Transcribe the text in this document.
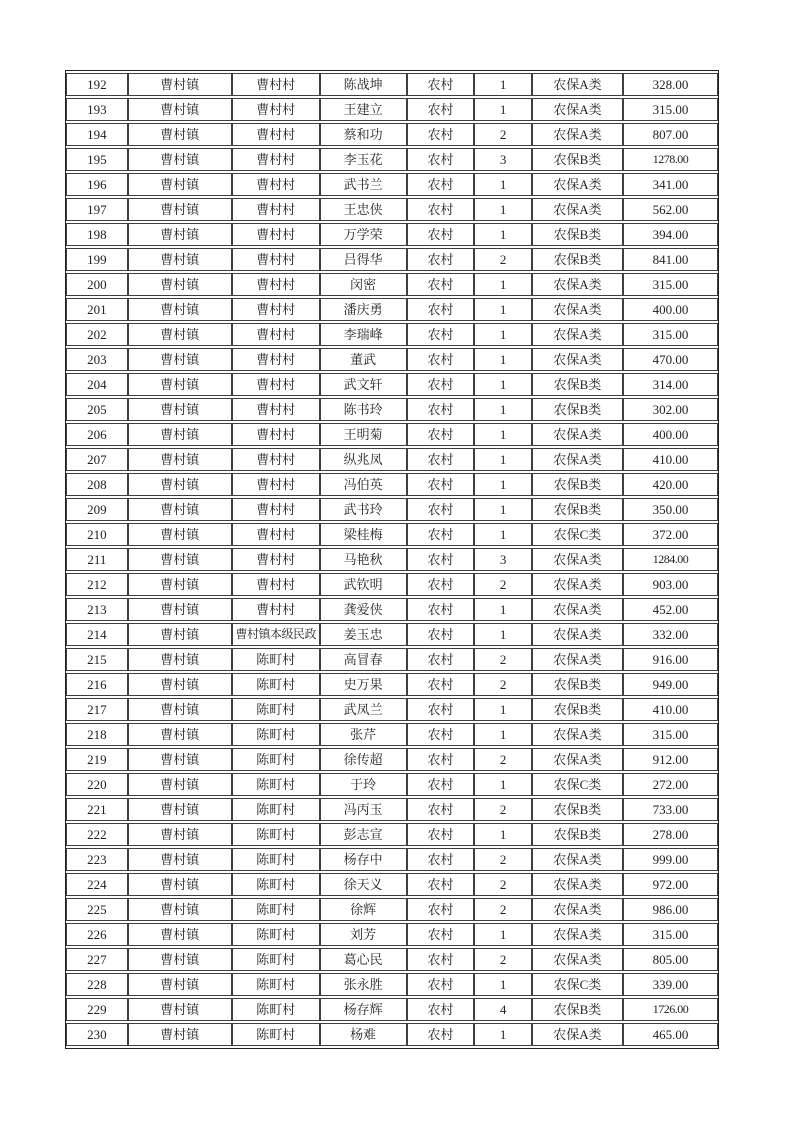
192	曹村镇	曹村村	陈战坤	农村	1	农保A类	328.00
193	曹村镇	曹村村	王建立	农村	1	农保A类	315.00
194	曹村镇	曹村村	蔡和功	农村	2	农保A类	807.00
195	曹村镇	曹村村	李玉花	农村	3	农保B类	1278.00
196	曹村镇	曹村村	武书兰	农村	1	农保A类	341.00
197	曹村镇	曹村村	王忠侠	农村	1	农保A类	562.00
198	曹村镇	曹村村	万学荣	农村	1	农保B类	394.00
199	曹村镇	曹村村	吕得华	农村	2	农保B类	841.00
200	曹村镇	曹村村	闵密	农村	1	农保A类	315.00
201	曹村镇	曹村村	潘庆勇	农村	1	农保A类	400.00
202	曹村镇	曹村村	李瑞峰	农村	1	农保A类	315.00
203	曹村镇	曹村村	董武	农村	1	农保A类	470.00
204	曹村镇	曹村村	武文轩	农村	1	农保B类	314.00
205	曹村镇	曹村村	陈书玲	农村	1	农保B类	302.00
206	曹村镇	曹村村	王明菊	农村	1	农保A类	400.00
207	曹村镇	曹村村	纵兆凤	农村	1	农保A类	410.00
208	曹村镇	曹村村	冯伯英	农村	1	农保B类	420.00
209	曹村镇	曹村村	武书玲	农村	1	农保B类	350.00
210	曹村镇	曹村村	梁桂梅	农村	1	农保C类	372.00
211	曹村镇	曹村村	马艳秋	农村	3	农保A类	1284.00
212	曹村镇	曹村村	武钦明	农村	2	农保A类	903.00
213	曹村镇	曹村村	龚爱侠	农村	1	农保A类	452.00
214	曹村镇	曹村镇本级民政	姜玉忠	农村	1	农保A类	332.00
215	曹村镇	陈町村	高冒春	农村	2	农保A类	916.00
216	曹村镇	陈町村	史万果	农村	2	农保B类	949.00
217	曹村镇	陈町村	武凤兰	农村	1	农保B类	410.00
218	曹村镇	陈町村	张芹	农村	1	农保A类	315.00
219	曹村镇	陈町村	徐传超	农村	2	农保A类	912.00
220	曹村镇	陈町村	于玲	农村	1	农保C类	272.00
221	曹村镇	陈町村	冯丙玉	农村	2	农保B类	733.00
222	曹村镇	陈町村	彭志宣	农村	1	农保B类	278.00
223	曹村镇	陈町村	杨存中	农村	2	农保A类	999.00
224	曹村镇	陈町村	徐天义	农村	2	农保A类	972.00
225	曹村镇	陈町村	徐辉	农村	2	农保A类	986.00
226	曹村镇	陈町村	刘芳	农村	1	农保A类	315.00
227	曹村镇	陈町村	葛心民	农村	2	农保A类	805.00
228	曹村镇	陈町村	张永胜	农村	1	农保C类	339.00
229	曹村镇	陈町村	杨存辉	农村	4	农保B类	1726.00
230	曹村镇	陈町村	杨难	农村	1	农保A类	465.00
